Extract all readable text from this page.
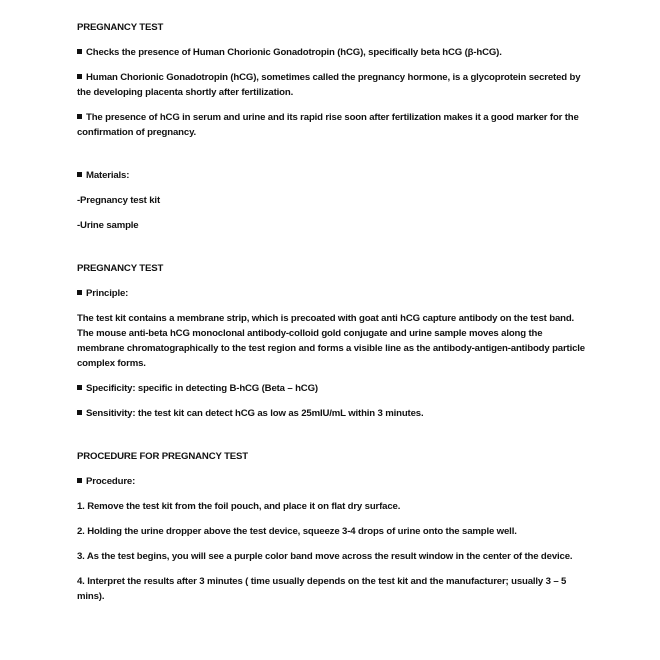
PREGNANCY TEST

Checks the presence of Human Chorionic Gonadotropin (hCG), specifically beta hCG (β-hCG).

Human Chorionic Gonadotropin (hCG), sometimes called the pregnancy hormone, is a glycoprotein secreted by the developing placenta shortly after fertilization.

The presence of hCG in serum and urine and its rapid rise soon after fertilization makes it a good marker for the confirmation of pregnancy.

Materials:

-Pregnancy test kit

-Urine sample

PREGNANCY TEST

Principle:

The test kit contains a membrane strip, which is precoated with goat anti hCG capture antibody on the test band. The mouse anti-beta hCG monoclonal antibody-colloid gold conjugate and urine sample moves along the membrane chromatographically to the test region and forms a visible line as the antibody-antigen-antibody particle complex forms.

Specificity: specific in detecting B-hCG (Beta – hCG)

Sensitivity: the test kit can detect hCG as low as 25mIU/mL within 3 minutes.

PROCEDURE FOR PREGNANCY TEST

Procedure:

1. Remove the test kit from the foil pouch, and place it on flat dry surface.

2. Holding the urine dropper above the test device, squeeze 3-4 drops of urine onto the sample well.

3. As the test begins, you will see a purple color band move across the result window in the center of the device.

4. Interpret the results after 3 minutes ( time usually depends on the test kit and the manufacturer; usually 3 – 5 mins).
